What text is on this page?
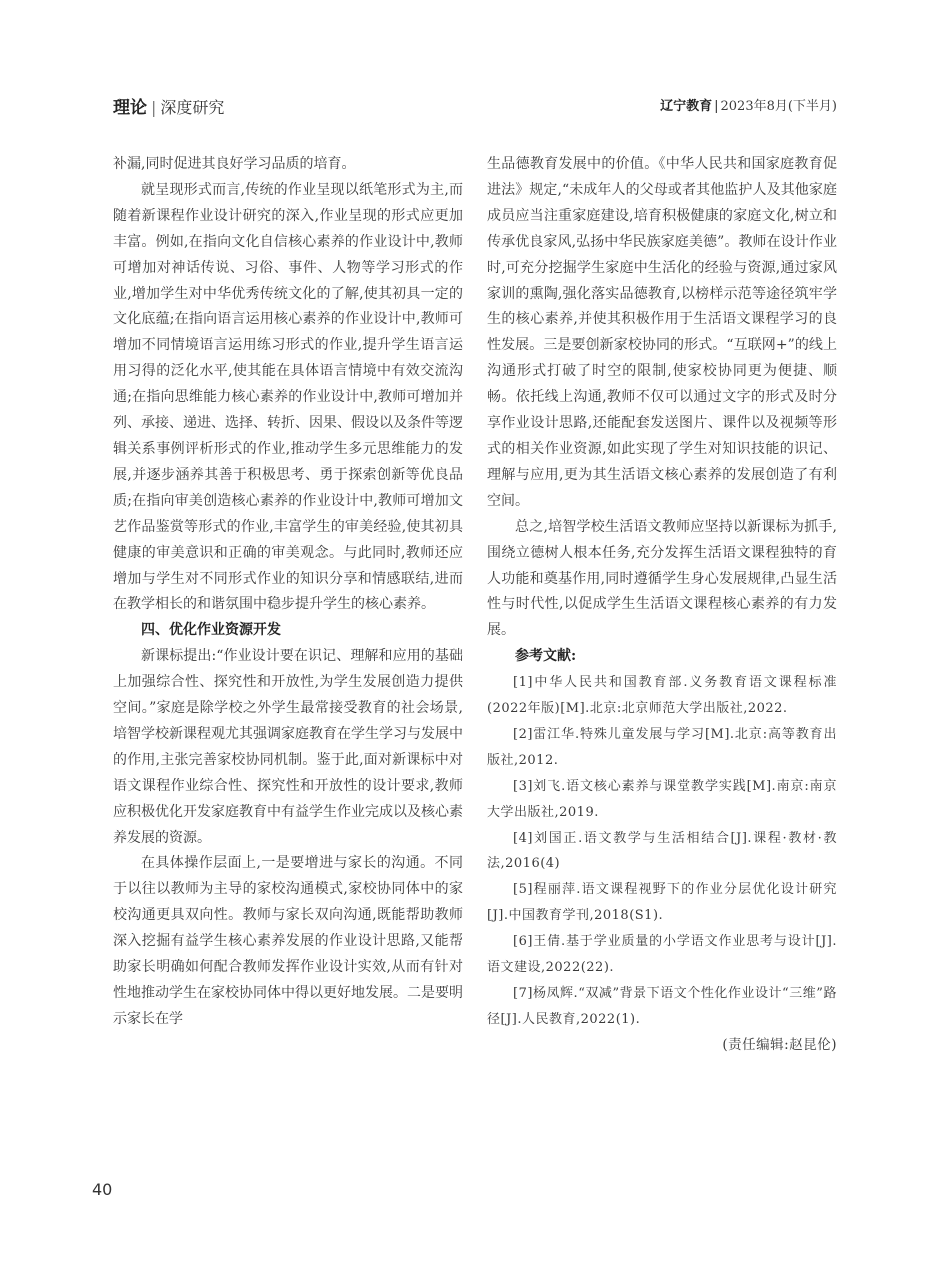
理论 | 深度研究	辽宁教育 | 2023年8月(下半月)

补漏,同时促进其良好学习品质的培育。

就呈现形式而言,传统的作业呈现以纸笔形式为主,而随着新课程作业设计研究的深入,作业呈现的形式应更加丰富。例如,在指向文化自信核心素养的作业设计中,教师可增加对神话传说、习俗、事件、人物等学习形式的作业,增加学生对中华优秀传统文化的了解,使其初具一定的文化底蕴;在指向语言运用核心素养的作业设计中,教师可增加不同情境语言运用练习形式的作业,提升学生语言运用习得的泛化水平,使其能在具体语言情境中有效交流沟通;在指向思维能力核心素养的作业设计中,教师可增加并列、承接、递进、选择、转折、因果、假设以及条件等逻辑关系事例评析形式的作业,推动学生多元思维能力的发展,并逐步涵养其善于积极思考、勇于探索创新等优良品质;在指向审美创造核心素养的作业设计中,教师可增加文艺作品鉴赏等形式的作业,丰富学生的审美经验,使其初具健康的审美意识和正确的审美观念。与此同时,教师还应增加与学生对不同形式作业的知识分享和情感联结,进而在教学相长的和谐氛围中稳步提升学生的核心素养。

四、优化作业资源开发

新课标提出:“作业设计要在识记、理解和应用的基础上加强综合性、探究性和开放性,为学生发展创造力提供空间。”家庭是除学校之外学生最常接受教育的社会场景,培智学校新课程观尤其强调家庭教育在学生学习与发展中的作用,主张完善家校协同机制。鉴于此,面对新课标中对语文课程作业综合性、探究性和开放性的设计要求,教师应积极优化开发家庭教育中有益学生作业完成以及核心素养发展的资源。

在具体操作层面上,一是要增进与家长的沟通。不同于以往以教师为主导的家校沟通模式,家校协同体中的家校沟通更具双向性。教师与家长双向沟通,既能帮助教师深入挖掘有益学生核心素养发展的作业设计思路,又能帮助家长明确如何配合教师发挥作业设计实效,从而有针对性地推动学生在家校协同体中得以更好地发展。二是要明示家长在学

生品德教育发展中的价值。《中华人民共和国家庭教育促进法》规定,“未成年人的父母或者其他监护人及其他家庭成员应当注重家庭建设,培育积极健康的家庭文化,树立和传承优良家风,弘扬中华民族家庭美德”。教师在设计作业时,可充分挖掘学生家庭中生活化的经验与资源,通过家风家训的熏陶,强化落实品德教育,以榜样示范等途径筑牢学生的核心素养,并使其积极作用于生活语文课程学习的良性发展。三是要创新家校协同的形式。“互联网+”的线上沟通形式打破了时空的限制,使家校协同更为便捷、顺畅。依托线上沟通,教师不仅可以通过文字的形式及时分享作业设计思路,还能配套发送图片、课件以及视频等形式的相关作业资源,如此实现了学生对知识技能的识记、理解与应用,更为其生活语文核心素养的发展创造了有利空间。

总之,培智学校生活语文教师应坚持以新课标为抓手,围绕立德树人根本任务,充分发挥生活语文课程独特的育人功能和奠基作用,同时遵循学生身心发展规律,凸显生活性与时代性,以促成学生生活语文课程核心素养的有力发展。

参考文献:

[1]中华人民共和国教育部.义务教育语文课程标准(2022年版)[M].北京:北京师范大学出版社,2022.

[2]雷江华.特殊儿童发展与学习[M].北京:高等教育出版社,2012.

[3]刘飞.语文核心素养与课堂教学实践[M].南京:南京大学出版社,2019.

[4]刘国正.语文教学与生活相结合[J].课程·教材·教法,2016(4)

[5]程丽萍.语文课程视野下的作业分层优化设计研究[J].中国教育学刊,2018(S1).

[6]王倩.基于学业质量的小学语文作业思考与设计[J].语文建设,2022(22).

[7]杨凤辉.“双减”背景下语文个性化作业设计“三维”路径[J].人民教育,2022(1).

(责任编辑:赵昆伦)

40
